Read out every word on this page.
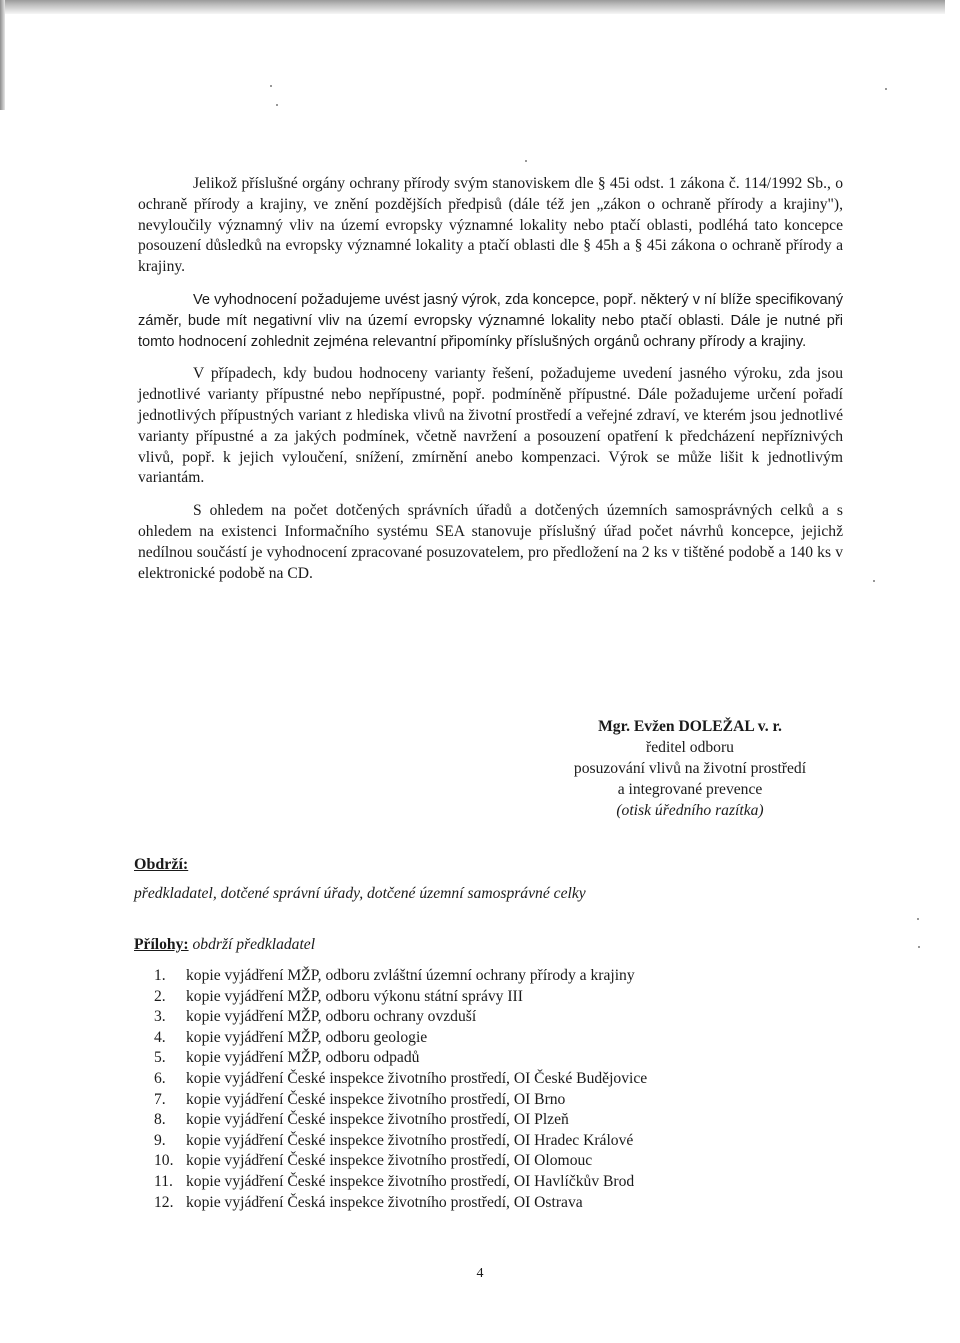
Jelikož příslušné orgány ochrany přírody svým stanoviskem dle § 45i odst. 1 zákona č. 114/1992 Sb., o ochraně přírody a krajiny, ve znění pozdějších předpisů (dále též jen „zákon o ochraně přírody a krajiny"), nevyloučily významný vliv na území evropsky významné lokality nebo ptačí oblasti, podléhá tato koncepce posouzení důsledků na evropsky významné lokality a ptačí oblasti dle § 45h a § 45i zákona o ochraně přírody a krajiny.

Ve vyhodnocení požadujeme uvést jasný výrok, zda koncepce, popř. některý v ní blíže specifikovaný záměr, bude mít negativní vliv na území evropsky významné lokality nebo ptačí oblasti. Dále je nutné při tomto hodnocení zohlednit zejména relevantní připomínky příslušných orgánů ochrany přírody a krajiny.

V případech, kdy budou hodnoceny varianty řešení, požadujeme uvedení jasného výroku, zda jsou jednotlivé varianty přípustné nebo nepřípustné, popř. podmíněně přípustné. Dále požadujeme určení pořadí jednotlivých přípustných variant z hlediska vlivů na životní prostředí a veřejné zdraví, ve kterém jsou jednotlivé varianty přípustné a za jakých podmínek, včetně navržení a posouzení opatření k předcházení nepříznivých vlivů, popř. k jejich vyloučení, snížení, zmírnění anebo kompenzaci. Výrok se může lišit k jednotlivým variantám.

S ohledem na počet dotčených správních úřadů a dotčených územních samosprávných celků a s ohledem na existenci Informačního systému SEA stanovuje příslušný úřad počet návrhů koncepce, jejichž nedílnou součástí je vyhodnocení zpracované posuzovatelem, pro předložení na 2 ks v tištěné podobě a 140 ks v elektronické podobě na CD.

Mgr. Evžen DOLEŽAL v. r.
ředitel odboru
posuzování vlivů na životní prostředí
a integrované prevence
(otisk úředního razítka)
Obdrží:
předkladatel, dotčené správní úřady, dotčené územní samosprávné celky
Přílohy: obdrží předkladatel
1. kopie vyjádření MŽP, odboru zvláštní územní ochrany přírody a krajiny
2. kopie vyjádření MŽP, odboru výkonu státní správy III
3. kopie vyjádření MŽP, odboru ochrany ovzduší
4. kopie vyjádření MŽP, odboru geologie
5. kopie vyjádření MŽP, odboru odpadů
6. kopie vyjádření České inspekce životního prostředí, OI České Budějovice
7. kopie vyjádření České inspekce životního prostředí, OI Brno
8. kopie vyjádření České inspekce životního prostředí, OI Plzeň
9. kopie vyjádření České inspekce životního prostředí, OI Hradec Králové
10. kopie vyjádření České inspekce životního prostředí, OI Olomouc
11. kopie vyjádření České inspekce životního prostředí, OI Havlíčkův Brod
12. kopie vyjádření Česká inspekce životního prostředí, OI Ostrava
4
